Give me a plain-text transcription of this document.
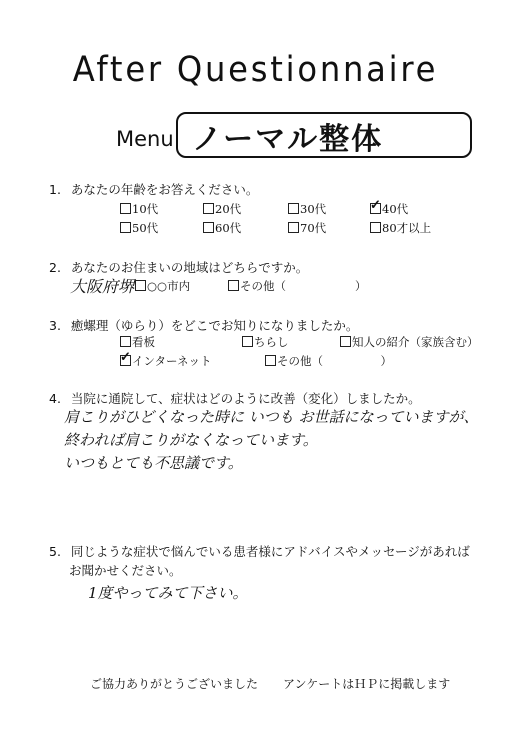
After Questionnaire
Menu ノーマル整体
1. あなたの年齢をお答えください。
10代	20代	30代
✓	40代
50代	60代	70代	80才以上
2. あなたのお住まいの地域はどちらですか。
大阪府堺	○○市内	その他（　　　　　　）
3. 癒螺理（ゆらり）をどこでお知りになりましたか。
看板	ちらし	知人の紹介（家族含む）
✓インターネット	その他（　　　　　）
4. 当院に通院して、症状はどのように改善（変化）しましたか。
肩こりがひどくなった時に いつも お世話になっていますが、
終われば肩こりがなくなっています。
いつもとても不思議です。
5. 同じような症状で悩んでいる患者様にアドバイスやメッセージがあれば
お聞かせください。
1度やってみて下さい。
ご協力ありがとうございました アンケートはＨＰに掲載します
